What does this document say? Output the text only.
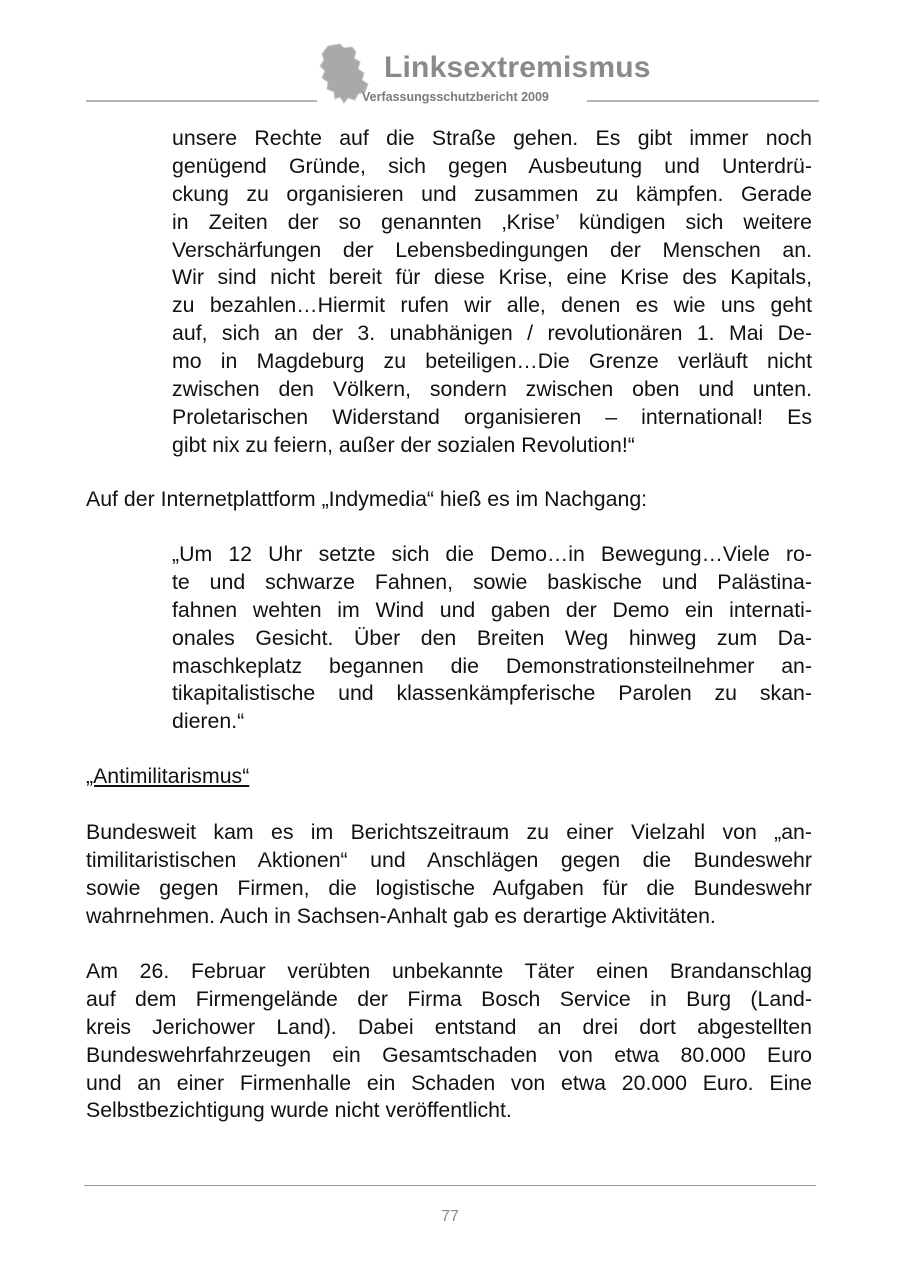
Linksextremismus
Verfassungsschutzbericht 2009
unsere Rechte auf die Straße gehen. Es gibt immer noch
genügend Gründe, sich gegen Ausbeutung und Unterdrü-
ckung zu organisieren und zusammen zu kämpfen. Gerade
in Zeiten der so genannten ‚Krise’ kündigen sich weitere
Verschärfungen der Lebensbedingungen der Menschen an.
Wir sind nicht bereit für diese Krise, eine Krise des Kapitals,
zu bezahlen…Hiermit rufen wir alle, denen es wie uns geht
auf, sich an der 3. unabhänigen / revolutionären 1. Mai De-
mo in Magdeburg zu beteiligen…Die Grenze verläuft nicht
zwischen den Völkern, sondern zwischen oben und unten.
Proletarischen Widerstand organisieren – international! Es
gibt nix zu feiern, außer der sozialen Revolution!“
Auf der Internetplattform „Indymedia“ hieß es im Nachgang:
„Um 12 Uhr setzte sich die Demo…in Bewegung…Viele ro-
te und schwarze Fahnen, sowie baskische und Palästina-
fahnen wehten im Wind und gaben der Demo ein internati-
onales Gesicht. Über den Breiten Weg hinweg zum Da-
maschkeplatz begannen die Demonstrationsteilnehmer an-
tikapitalistische und klassenkämpferische Parolen zu skan-
dieren.“
„Antimilitarismus“
Bundesweit kam es im Berichtszeitraum zu einer Vielzahl von „an-
timilitaristischen Aktionen“ und Anschlägen gegen die Bundeswehr
sowie gegen Firmen, die logistische Aufgaben für die Bundeswehr
wahrnehmen. Auch in Sachsen-Anhalt gab es derartige Aktivitäten.
Am 26. Februar verübten unbekannte Täter einen Brandanschlag
auf dem Firmengelände der Firma Bosch Service in Burg (Land-
kreis Jerichower Land). Dabei entstand an drei dort abgestellten
Bundeswehrfahrzeugen ein Gesamtschaden von etwa 80.000 Euro
und an einer Firmenhalle ein Schaden von etwa 20.000 Euro. Eine
Selbstbezichtigung wurde nicht veröffentlicht.
77
